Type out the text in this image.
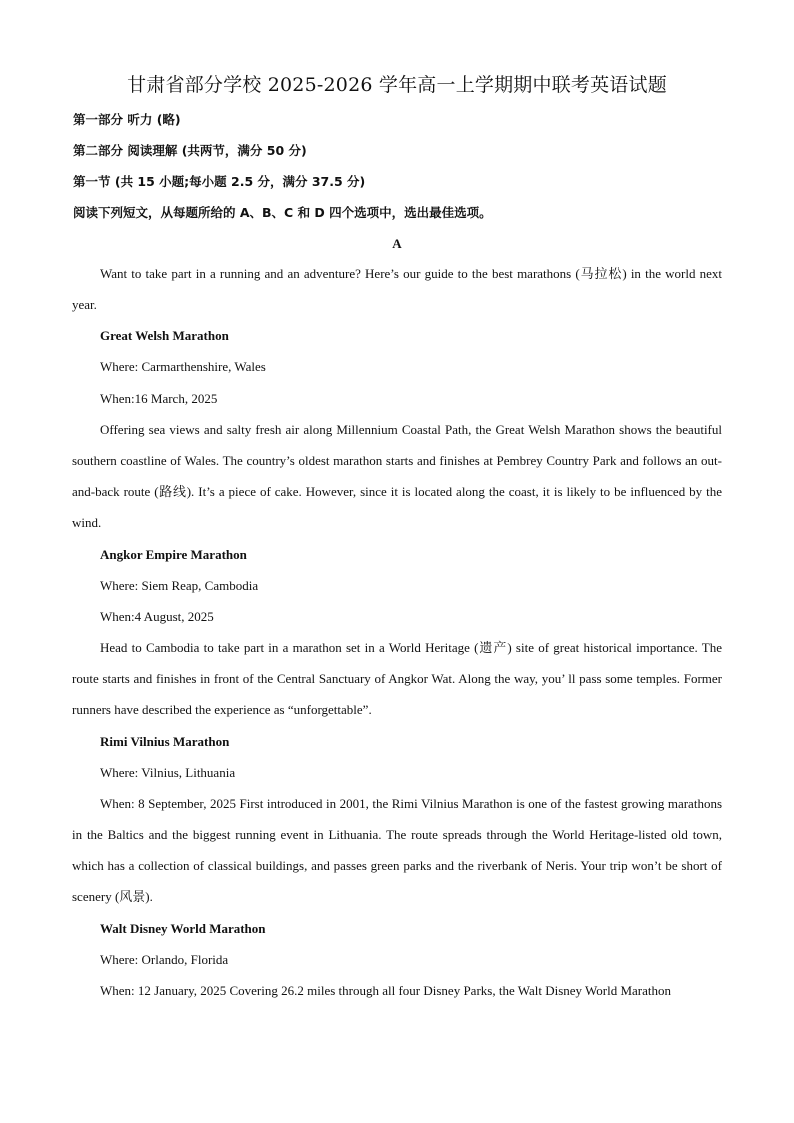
甘肃省部分学校 2025-2026 学年高一上学期期中联考英语试题
第一部分 听力 (略)
第二部分 阅读理解 (共两节，满分 50 分)
第一节 (共 15 小题;每小题 2.5 分，满分 37.5 分)
阅读下列短文，从每题所给的 A、B、C 和 D 四个选项中，选出最佳选项。
A

Want to take part in a running and an adventure? Here’s our guide to the best marathons (马拉松) in the world next year.

Great Welsh Marathon
Where: Carmarthenshire, Wales
When:16 March, 2025

Offering sea views and salty fresh air along Millennium Coastal Path, the Great Welsh Marathon shows the beautiful southern coastline of Wales. The country’s oldest marathon starts and finishes at Pembrey Country Park and follows an out-and-back route (路线). It’s a piece of cake. However, since it is located along the coast, it is likely to be influenced by the wind.

Angkor Empire Marathon
Where: Siem Reap, Cambodia
When:4 August, 2025

Head to Cambodia to take part in a marathon set in a World Heritage (遗产) site of great historical importance. The route starts and finishes in front of the Central Sanctuary of Angkor Wat. Along the way, you’ ll pass some temples. Former runners have described the experience as “unforgettable”.

Rimi Vilnius Marathon
Where: Vilnius, Lithuania

When: 8 September, 2025 First introduced in 2001, the Rimi Vilnius Marathon is one of the fastest growing marathons in the Baltics and the biggest running event in Lithuania. The route spreads through the World Heritage-listed old town, which has a collection of classical buildings, and passes green parks and the riverbank of Neris. Your trip won’t be short of scenery (风景).

Walt Disney World Marathon
Where: Orlando, Florida

When: 12 January, 2025 Covering 26.2 miles through all four Disney Parks, the Walt Disney World Marathon
